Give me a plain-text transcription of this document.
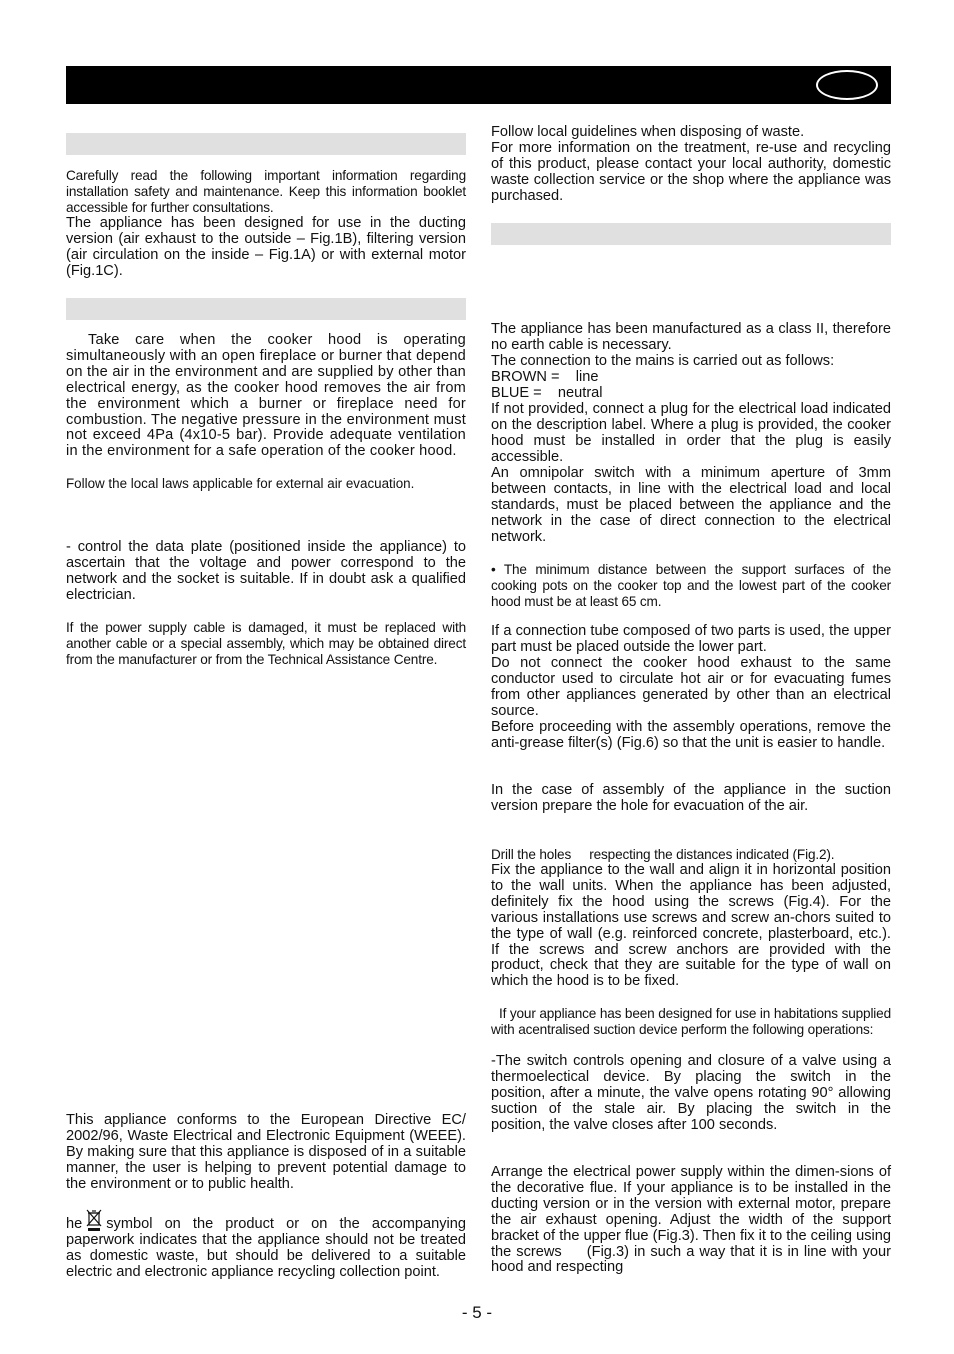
Carefully read the following important information regarding installation safety and maintenance. Keep this information booklet accessible for further consultations.

The appliance has been designed for use in the ducting version (air exhaust to the outside – Fig.1B), filtering version (air circulation on the inside – Fig.1A) or with external motor (Fig.1C).

Take care when the cooker hood is operating simultaneously with an open fireplace or burner that depend on the air in the environment and are supplied by other than electrical energy, as the cooker hood removes the air from the environment which a burner or fireplace need for combustion. The negative pressure in the environment must not exceed 4Pa (4x10-5 bar). Provide adequate ventilation in the environment for a safe operation of the cooker hood.

Follow the local laws applicable for external air evacuation.

- control the data plate (positioned inside the appliance) to ascertain that the voltage and power correspond to the network and the socket is suitable. If in doubt ask a qualified electrician.

If the power supply cable is damaged, it must be replaced with another cable or a special assembly, which may be obtained direct from the manufacturer or from the Technical Assistance Centre.

This appliance conforms to the European Directive EC/ 2002/96, Waste Electrical and Electronic Equipment (WEEE). By making sure that this appliance is disposed of in a suitable manner, the user is helping to prevent potential damage to the environment or to public health.

he symbol on the product or on the accompanying paperwork indicates that the appliance should not be treated as domestic waste, but should be delivered to a suitable electric and electronic appliance recycling collection point.

Follow local guidelines when disposing of waste.

For more information on the treatment, re-use and recycling of this product, please contact your local authority, domestic waste collection service or the shop where the appliance was purchased.

The appliance has been manufactured as a class II, therefore no earth cable is necessary.

The connection to the mains is carried out as follows:

BROWN =    line

BLUE =    neutral

If not provided, connect a plug for the electrical load indicated on the description label. Where a plug is provided, the cooker hood must be installed in order that the plug is easily accessible.

An omnipolar switch with a minimum aperture of 3mm between contacts, in line with the electrical load and local standards, must be placed between the appliance and the network in the case of direct connection to the electrical network.

• The minimum distance between the support surfaces of the cooking pots on the cooker top and the lowest part of the cooker hood must be at least 65 cm.

If a connection tube composed of two parts is used, the upper part must be placed outside the lower part.

Do not connect the cooker hood exhaust to the same conductor used to circulate hot air or for evacuating fumes from other appliances generated by other than an electrical source.

Before proceeding with the assembly operations, remove the anti-grease filter(s) (Fig.6) so that the unit is easier to handle.

In the case of assembly of the appliance in the suction version prepare the hole for evacuation of the air.

Drill the holes     respecting the distances indicated (Fig.2).

Fix the appliance to the wall and align it in horizontal position to the wall units. When the appliance has been adjusted, definitely fix the hood using the screws (Fig.4). For the various installations use screws and screw an-chors suited to the type of wall (e.g. reinforced concrete, plasterboard, etc.). If the screws and screw anchors are provided with the product, check that they are suitable for the type of wall on which the hood is to be fixed.

If your appliance has been designed for use in habitations supplied with acentralised suction device perform the following operations:

-The switch controls opening and closure of a valve using a thermoelectical device. By placing the switch in the       position, after a minute, the valve opens rotating 90° allowing suction of the stale air. By placing the switch in the          position, the valve closes after 100 seconds.

Arrange the electrical power supply within the dimen-sions of the decorative flue. If your appliance is to be installed in the ducting version or in the version with external motor, prepare the air exhaust opening. Adjust the width of the support bracket of the upper flue (Fig.3). Then fix it to the ceiling using the screws     (Fig.3) in such a way that it is in line with your hood and respecting

- 5 -
